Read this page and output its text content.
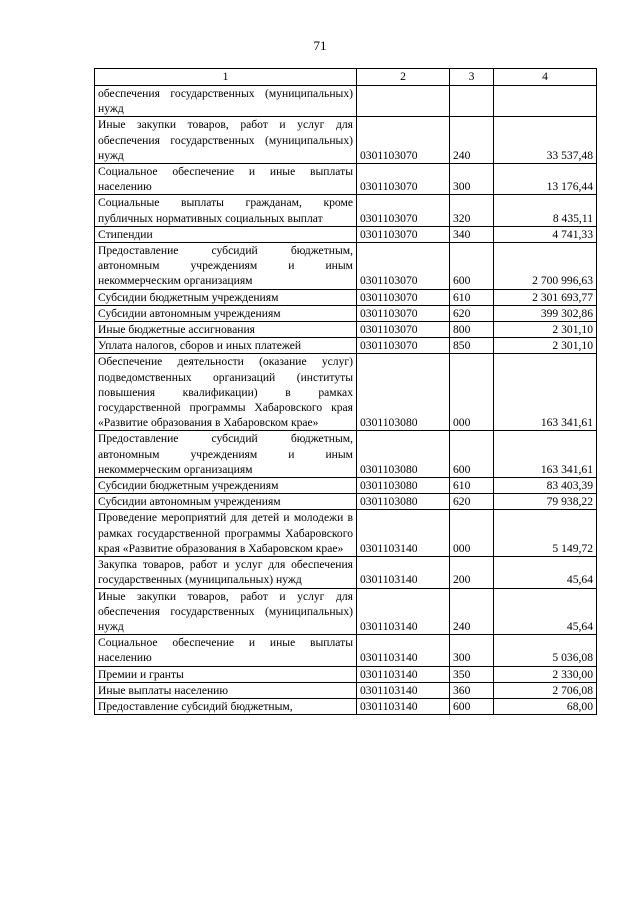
71
1	2	3	4
обеспечения государственных (муниципальных) нужд			
Иные закупки товаров, работ и услуг для обеспечения государственных (муниципальных) нужд	0301103070	240	33 537,48
Социальное обеспечение и иные выплаты населению	0301103070	300	13 176,44
Социальные выплаты гражданам, кроме публичных нормативных социальных выплат	0301103070	320	8 435,11
Стипендии	0301103070	340	4 741,33
Предоставление субсидий бюджетным, автономным учреждениям и иным некоммерческим организациям	0301103070	600	2 700 996,63
Субсидии бюджетным учреждениям	0301103070	610	2 301 693,77
Субсидии автономным учреждениям	0301103070	620	399 302,86
Иные бюджетные ассигнования	0301103070	800	2 301,10
Уплата налогов, сборов и иных платежей	0301103070	850	2 301,10
Обеспечение деятельности (оказание услуг) подведомственных организаций (институты повышения квалификации) в рамках государственной программы Хабаровского края «Развитие образования в Хабаровском крае»	0301103080	000	163 341,61
Предоставление субсидий бюджетным, автономным учреждениям и иным некоммерческим организациям	0301103080	600	163 341,61
Субсидии бюджетным учреждениям	0301103080	610	83 403,39
Субсидии автономным учреждениям	0301103080	620	79 938,22
Проведение мероприятий для детей и молодежи в рамках государственной программы Хабаровского края «Развитие образования в Хабаровском крае»	0301103140	000	5 149,72
Закупка товаров, работ и услуг для обеспечения государственных (муниципальных) нужд	0301103140	200	45,64
Иные закупки товаров, работ и услуг для обеспечения государственных (муниципальных) нужд	0301103140	240	45,64
Социальное обеспечение и иные выплаты населению	0301103140	300	5 036,08
Премии и гранты	0301103140	350	2 330,00
Иные выплаты населению	0301103140	360	2 706,08
Предоставление субсидий бюджетным,	0301103140	600	68,00
